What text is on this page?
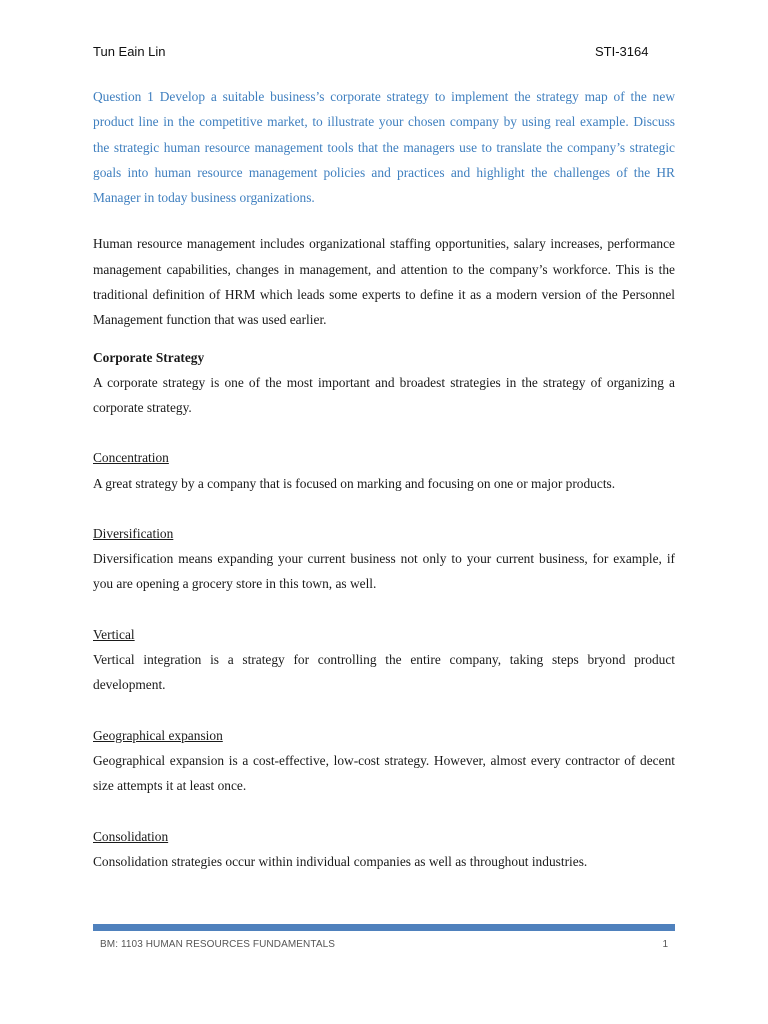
Tun Eain Lin	STI-3164

Question 1 Develop a suitable business’s corporate strategy to implement the strategy map of the new product line in the competitive market, to illustrate your chosen company by using real example. Discuss the strategic human resource management tools that the managers use to translate the company’s strategic goals into human resource management policies and practices and highlight the challenges of the HR Manager in today business organizations.

Human resource management includes organizational staffing opportunities, salary increases, performance management capabilities, changes in management, and attention to the company’s workforce. This is the traditional definition of HRM which leads some experts to define it as a modern version of the Personnel Management function that was used earlier.

Corporate Strategy

A corporate strategy is one of the most important and broadest strategies in the strategy of organizing a corporate strategy.

Concentration

A great strategy by a company that is focused on marking and focusing on one or major products.

Diversification

Diversification means expanding your current business not only to your current business, for example, if you are opening a grocery store in this town, as well.

Vertical

Vertical integration is a strategy for controlling the entire company, taking steps bryond product development.

Geographical expansion

Geographical expansion is a cost-effective, low-cost strategy. However, almost every contractor of decent size attempts it at least once.

Consolidation

Consolidation strategies occur within individual companies as well as throughout industries.

BM: 1103 HUMAN RESOURCES FUNDAMENTALS	1
